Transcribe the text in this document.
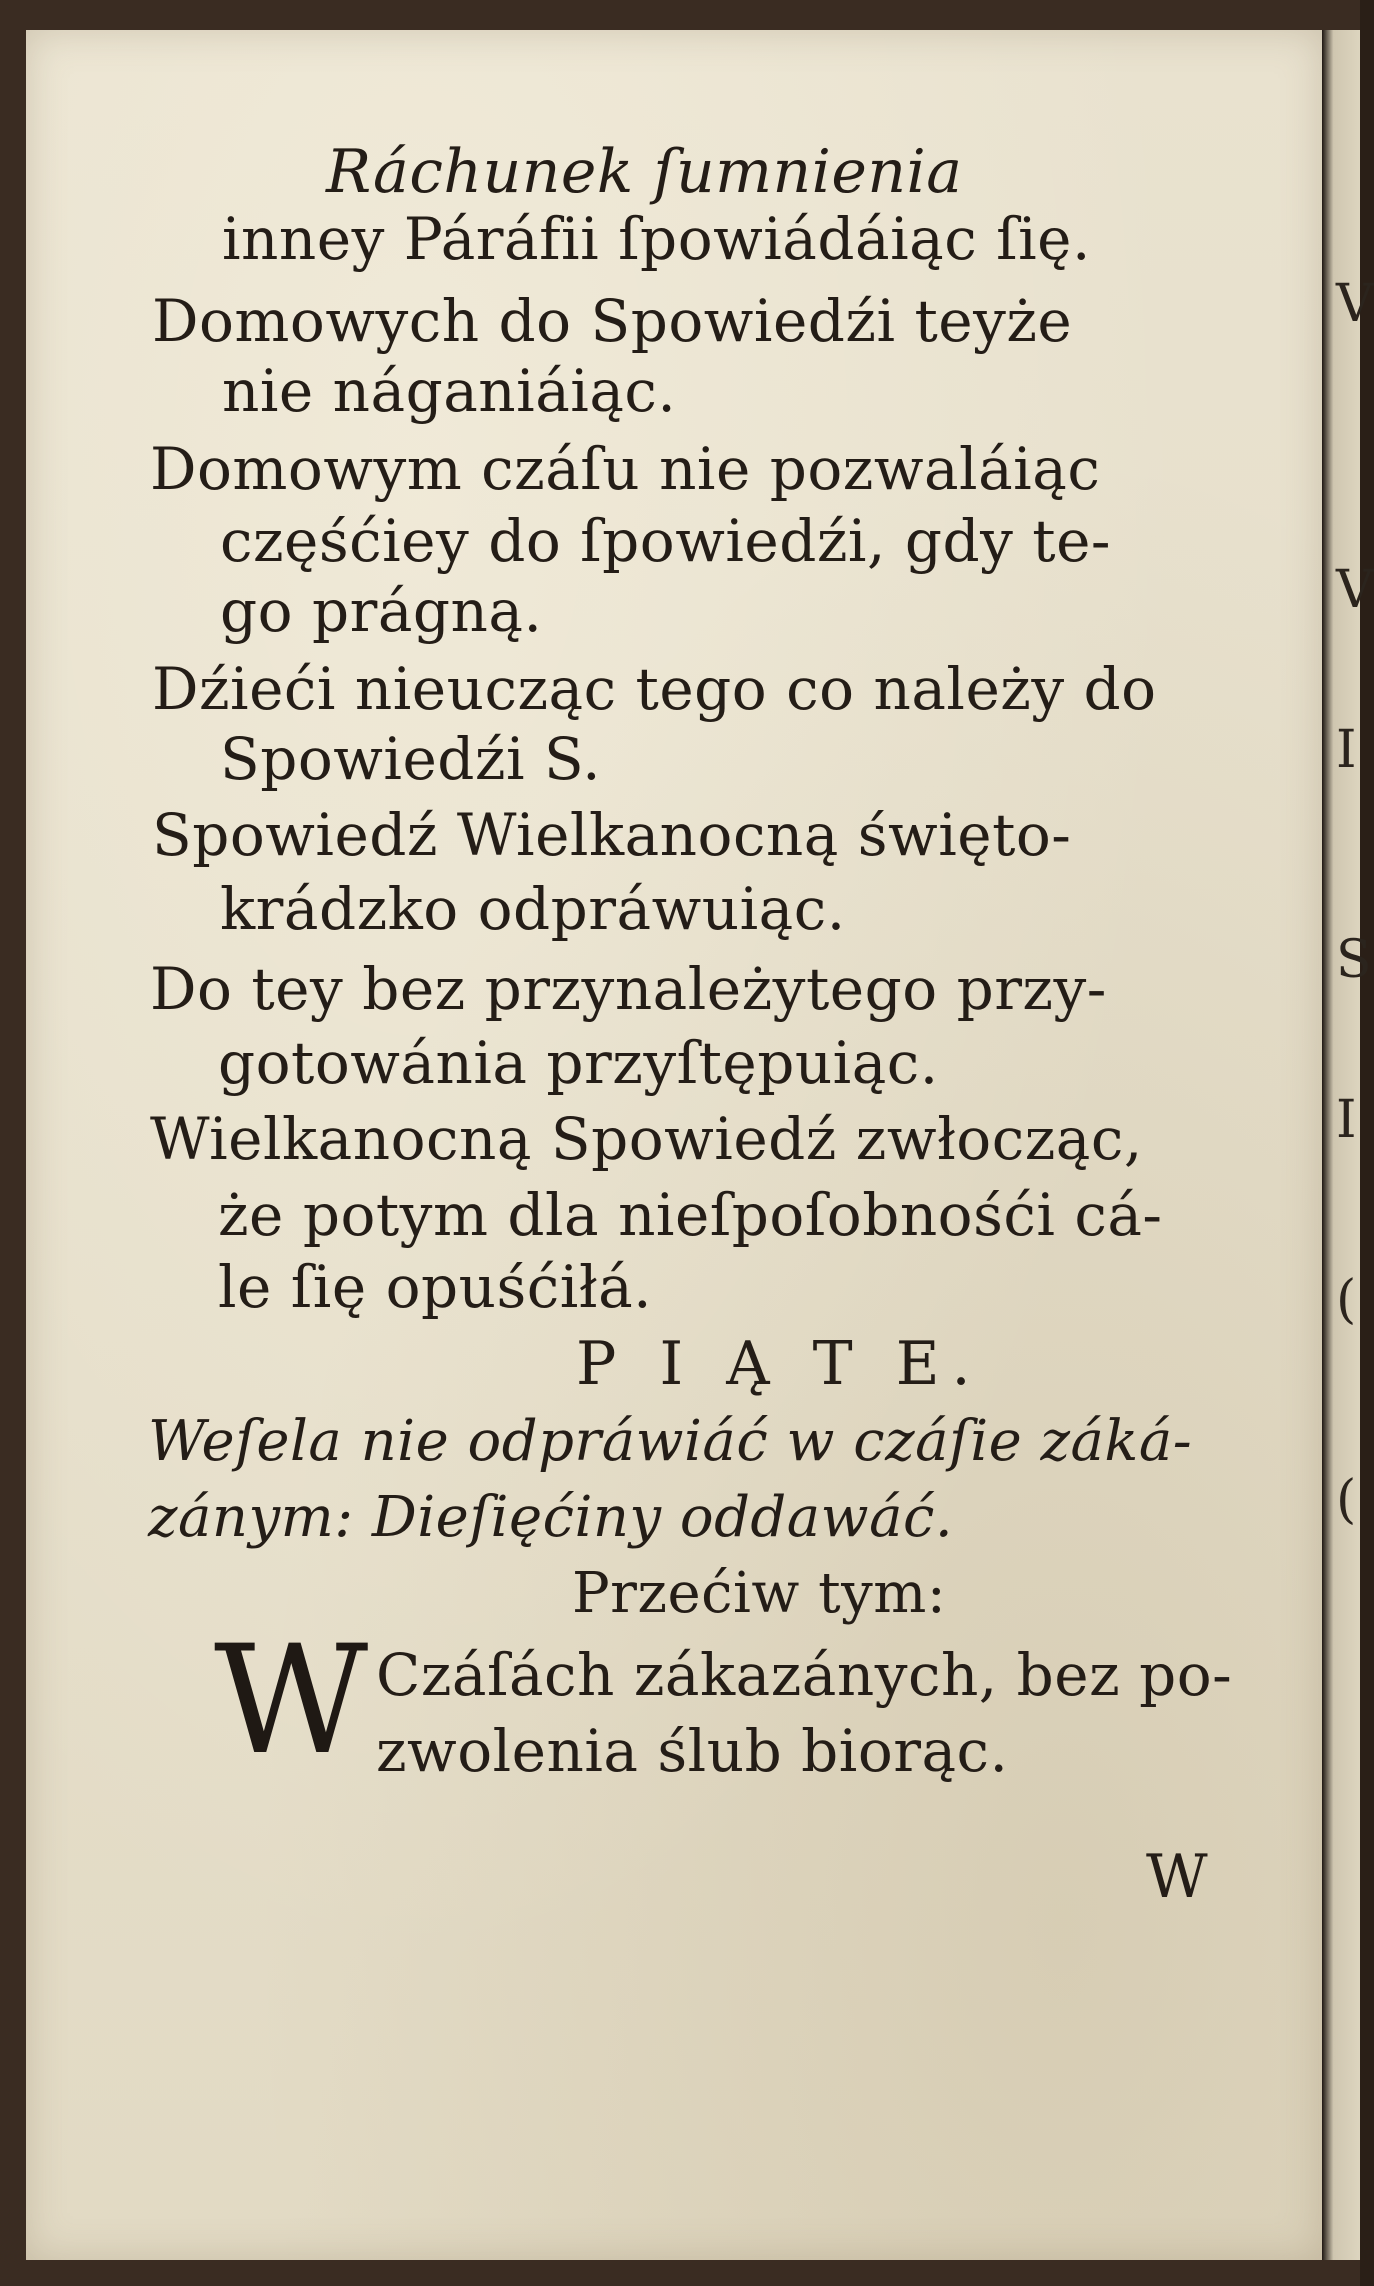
Ráchunek ſumnienia
inney Páráfii ſpowiádáiąc ſię.
Domowych do Spowiedźi teyże
nie náganiáiąc.
Domowym czáſu nie pozwaláiąc
częśćiey do ſpowiedźi, gdy te-
go prágną.
Dźieći nieucząc tego co należy do
Spowiedźi S.
Spowiedź Wielkanocną święto-
krádzko odpráwuiąc.
Do tey bez przynależytego przy-
gotowánia przyſtępuiąc.
Wielkanocną Spowiedź zwłocząc,
że potym dla nieſpoſobnośći cá-
le ſię opuśćiłá.
P I Ą T E.
Weſela nie odpráwiáć w czáſie záká-
zánym: Dieſięćiny oddawáć.
Przećiw tym:
W Czáſách zákazánych, bez po-
zwolenia ślub biorąc.
W
V
V
I
S
I
(
(
